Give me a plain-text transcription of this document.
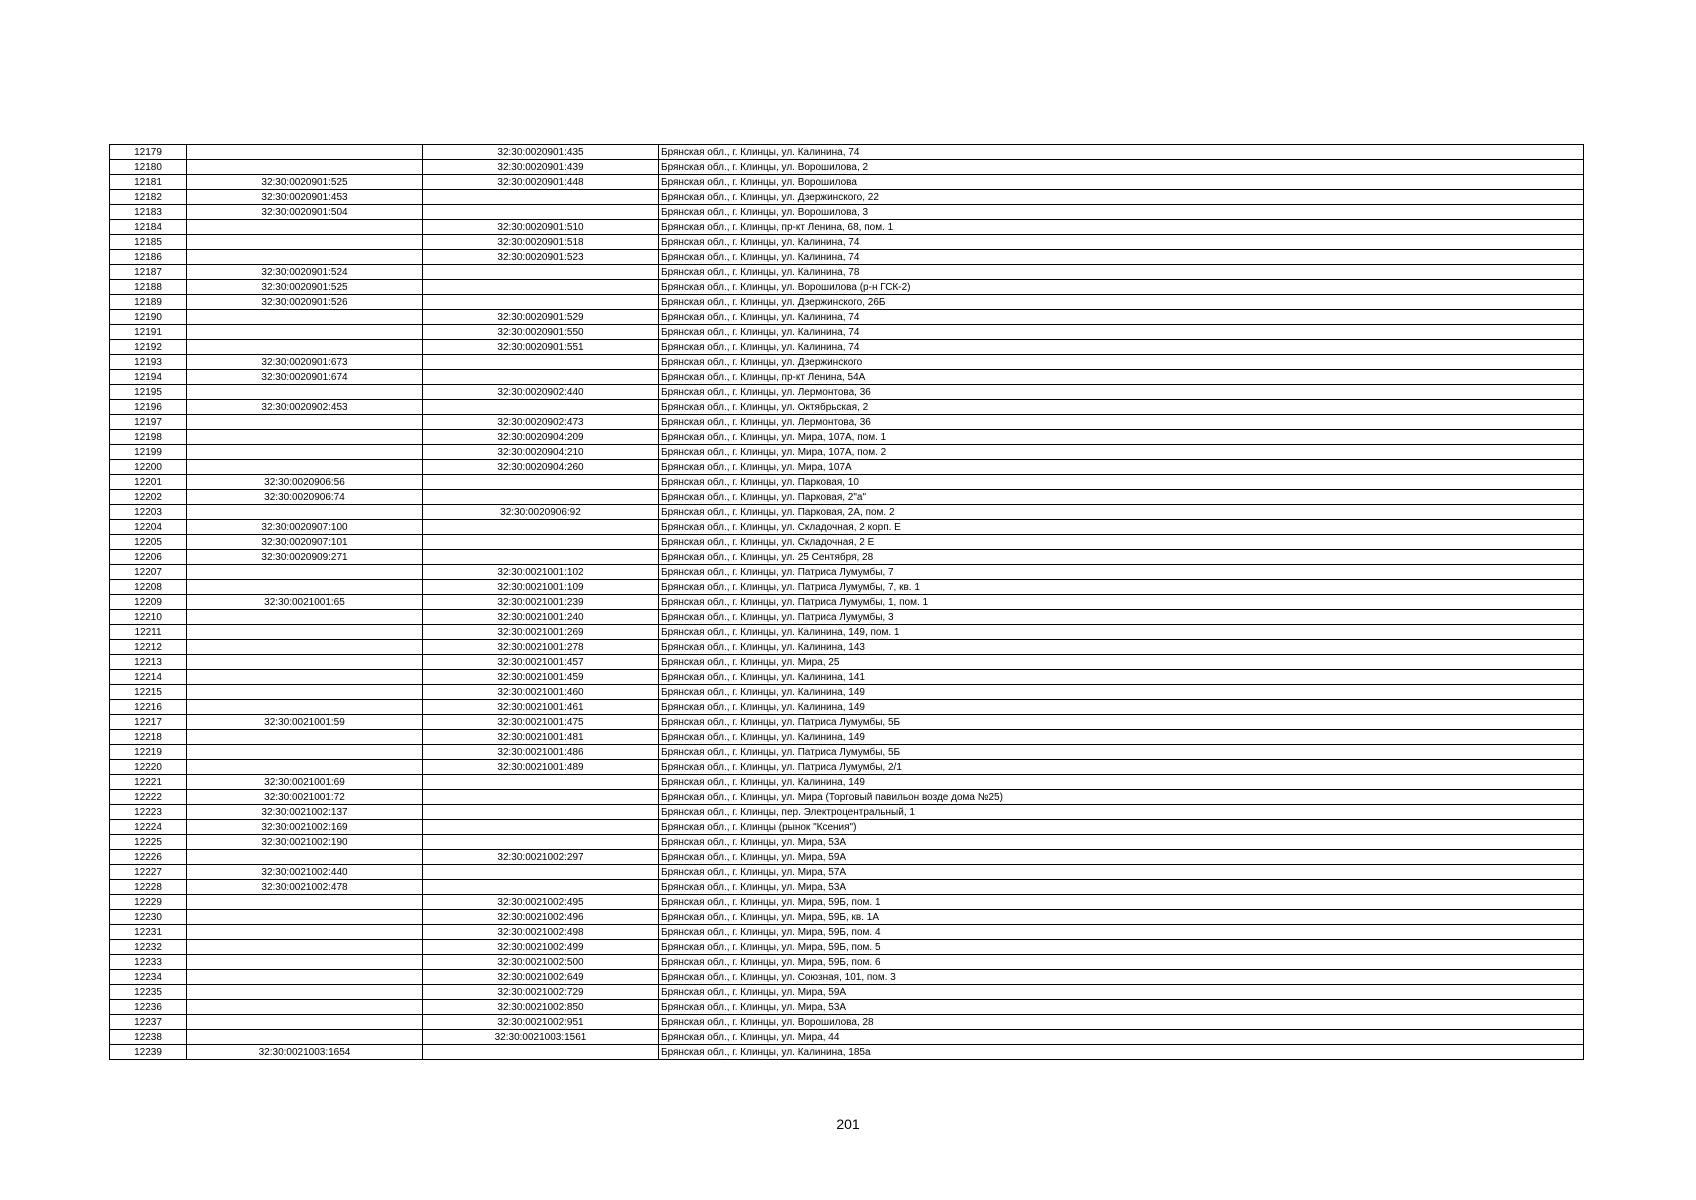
12179		32:30:0020901:435	Брянская обл., г. Клинцы, ул. Калинина, 74
12180		32:30:0020901:439	Брянская обл., г. Клинцы, ул. Ворошилова, 2
12181	32:30:0020901:525	32:30:0020901:448	Брянская обл., г. Клинцы, ул. Ворошилова
12182	32:30:0020901:453		Брянская обл., г. Клинцы, ул. Дзержинского, 22
12183	32:30:0020901:504		Брянская обл., г. Клинцы, ул. Ворошилова, 3
12184		32:30:0020901:510	Брянская обл., г. Клинцы, пр-кт Ленина, 68, пом. 1
12185		32:30:0020901:518	Брянская обл., г. Клинцы, ул. Калинина, 74
12186		32:30:0020901:523	Брянская обл., г. Клинцы, ул. Калинина, 74
12187	32:30:0020901:524		Брянская обл., г. Клинцы, ул. Калинина, 78
12188	32:30:0020901:525		Брянская обл., г. Клинцы, ул. Ворошилова (р-н ГСК-2)
12189	32:30:0020901:526		Брянская обл., г. Клинцы, ул. Дзержинского, 26Б
12190		32:30:0020901:529	Брянская обл., г. Клинцы, ул. Калинина, 74
12191		32:30:0020901:550	Брянская обл., г. Клинцы, ул. Калинина, 74
12192		32:30:0020901:551	Брянская обл., г. Клинцы, ул. Калинина, 74
12193	32:30:0020901:673		Брянская обл., г. Клинцы, ул. Дзержинского
12194	32:30:0020901:674		Брянская обл., г. Клинцы, пр-кт Ленина, 54А
12195		32:30:0020902:440	Брянская обл., г. Клинцы, ул. Лермонтова, 36
12196	32:30:0020902:453		Брянская обл., г. Клинцы, ул. Октябрьская, 2
12197		32:30:0020902:473	Брянская обл., г. Клинцы, ул. Лермонтова, 36
12198		32:30:0020904:209	Брянская обл., г. Клинцы, ул. Мира, 107А, пом. 1
12199		32:30:0020904:210	Брянская обл., г. Клинцы, ул. Мира, 107А, пом. 2
12200		32:30:0020904:260	Брянская обл., г. Клинцы, ул. Мира, 107А
12201	32:30:0020906:56		Брянская обл., г. Клинцы, ул. Парковая, 10
12202	32:30:0020906:74		Брянская обл., г. Клинцы, ул. Парковая, 2"а"
12203		32:30:0020906:92	Брянская обл., г. Клинцы, ул. Парковая, 2А, пом. 2
12204	32:30:0020907:100		Брянская обл., г. Клинцы, ул. Складочная, 2 корп. Е
12205	32:30:0020907:101		Брянская обл., г. Клинцы, ул. Складочная, 2 Е
12206	32:30:0020909:271		Брянская обл., г. Клинцы, ул. 25 Сентября, 28
12207		32:30:0021001:102	Брянская обл., г. Клинцы, ул. Патриса Лумумбы, 7
12208		32:30:0021001:109	Брянская обл., г. Клинцы, ул. Патриса Лумумбы, 7, кв. 1
12209	32:30:0021001:65	32:30:0021001:239	Брянская обл., г. Клинцы, ул. Патриса Лумумбы, 1, пом. 1
12210		32:30:0021001:240	Брянская обл., г. Клинцы, ул. Патриса Лумумбы, 3
12211		32:30:0021001:269	Брянская обл., г. Клинцы, ул. Калинина, 149, пом. 1
12212		32:30:0021001:278	Брянская обл., г. Клинцы, ул. Калинина, 143
12213		32:30:0021001:457	Брянская обл., г. Клинцы, ул. Мира, 25
12214		32:30:0021001:459	Брянская обл., г. Клинцы, ул. Калинина, 141
12215		32:30:0021001:460	Брянская обл., г. Клинцы, ул. Калинина, 149
12216		32:30:0021001:461	Брянская обл., г. Клинцы, ул. Калинина, 149
12217	32:30:0021001:59	32:30:0021001:475	Брянская обл., г. Клинцы, ул. Патриса Лумумбы, 5Б
12218		32:30:0021001:481	Брянская обл., г. Клинцы, ул. Калинина, 149
12219		32:30:0021001:486	Брянская обл., г. Клинцы, ул. Патриса Лумумбы, 5Б
12220		32:30:0021001:489	Брянская обл., г. Клинцы, ул. Патриса Лумумбы, 2/1
12221	32:30:0021001:69		Брянская обл., г. Клинцы, ул. Калинина, 149
12222	32:30:0021001:72		Брянская обл., г. Клинцы, ул. Мира (Торговый павильон возде дома №25)
12223	32:30:0021002:137		Брянская обл., г. Клинцы, пер. Электроцентральный, 1
12224	32:30:0021002:169		Брянская обл., г. Клинцы (рынок "Ксения")
12225	32:30:0021002:190		Брянская обл., г. Клинцы, ул. Мира, 53А
12226		32:30:0021002:297	Брянская обл., г. Клинцы, ул. Мира, 59А
12227	32:30:0021002:440		Брянская обл., г. Клинцы, ул. Мира, 57А
12228	32:30:0021002:478		Брянская обл., г. Клинцы, ул. Мира, 53А
12229		32:30:0021002:495	Брянская обл., г. Клинцы, ул. Мира, 59Б, пом. 1
12230		32:30:0021002:496	Брянская обл., г. Клинцы, ул. Мира, 59Б, кв. 1А
12231		32:30:0021002:498	Брянская обл., г. Клинцы, ул. Мира, 59Б, пом. 4
12232		32:30:0021002:499	Брянская обл., г. Клинцы, ул. Мира, 59Б, пом. 5
12233		32:30:0021002:500	Брянская обл., г. Клинцы, ул. Мира, 59Б, пом. 6
12234		32:30:0021002:649	Брянская обл., г. Клинцы, ул. Союзная, 101, пом. 3
12235		32:30:0021002:729	Брянская обл., г. Клинцы, ул. Мира, 59А
12236		32:30:0021002:850	Брянская обл., г. Клинцы, ул. Мира, 53А
12237		32:30:0021002:951	Брянская обл., г. Клинцы, ул. Ворошилова, 28
12238		32:30:0021003:1561	Брянская обл., г. Клинцы, ул. Мира, 44
12239	32:30:0021003:1654		Брянская обл., г. Клинцы, ул. Калинина, 185а
201
